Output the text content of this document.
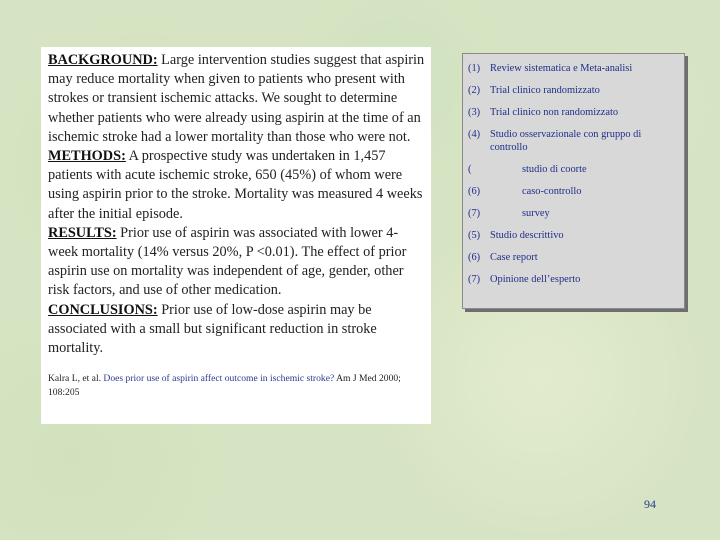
BACKGROUND: Large intervention studies suggest that aspirin may reduce mortality when given to patients who present with strokes or transient ischemic attacks. We sought to determine whether patients who were already using aspirin at the time of an ischemic stroke had a lower mortality than those who were not.
METHODS: A prospective study was undertaken in 1,457 patients with acute ischemic stroke, 650 (45%) of whom were using aspirin prior to the stroke. Mortality was measured 4 weeks after the initial episode.
RESULTS: Prior use of aspirin was associated with lower 4-week mortality (14% versus 20%, P <0.01). The effect of prior aspirin use on mortality was independent of age, gender, other risk factors, and use of other medication.
CONCLUSIONS: Prior use of low-dose aspirin may be associated with a small but significant reduction in stroke mortality.
Kalra L, et al. Does prior use of aspirin affect outcome in ischemic stroke? Am J Med 2000; 108:205
(1) Review sistematica e Meta-analisi
(2) Trial clinico randomizzato
(3) Trial clinico non randomizzato
(4) Studio osservazionale con gruppo di controllo
(	studio di coorte
(6)	caso-controllo
(7)	survey
(5) Studio descrittivo
(6) Case report
(7) Opinione dell’esperto
94
